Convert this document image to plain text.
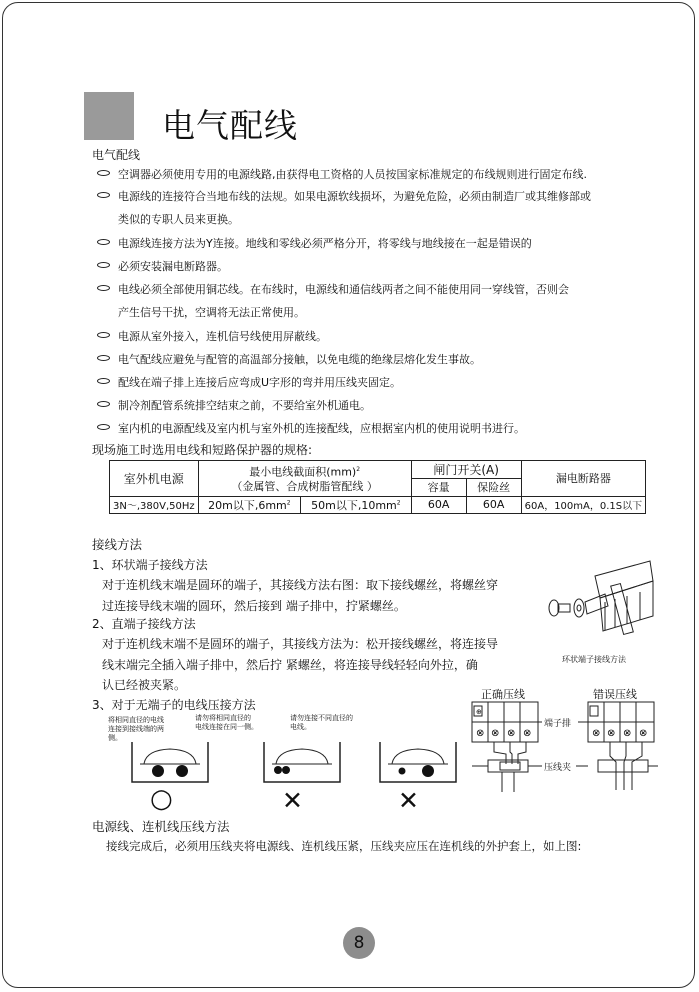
电气配线
电气配线
空调器必须使用专用的电源线路,由获得电工资格的人员按国家标准规定的布线规则进行固定布线.
电源线的连接符合当地布线的法规。如果电源软线损坏，为避免危险，必须由制造厂或其维修部或
类似的专职人员来更换。
电源线连接方法为Y连接。地线和零线必须严格分开，将零线与地线接在一起是错误的
必须安装漏电断路器。
电线必须全部使用铜芯线。在布线时，电源线和通信线两者之间不能使用同一穿线管，否则会
产生信号干扰，空调将无法正常使用。
电源从室外接入，连机信号线使用屏蔽线。
电气配线应避免与配管的高温部分接触，以免电缆的绝缘层熔化发生事故。
配线在端子排上连接后应弯成U字形的弯并用压线夹固定。
制冷剂配管系统排空结束之前，不要给室外机通电。
室内机的电源配线及室内机与室外机的连接配线，应根据室内机的使用说明书进行。
现场施工时选用电线和短路保护器的规格:
室外机电源	最小电线截面积(mm)$^2$
（金属管、合成树脂管配线 ）		闸门开关(A)		漏电断路器
			容量	保险丝	
3N～,380V,50Hz	20m以下$,6mm^2$	50m以下$,10mm^2$	60A	60A	60A，100mA，0.1S以下
接线方法
1、环状端子接线方法
对于连机线末端是圆环的端子，其接线方法右图：取下接线螺丝，将螺丝穿
过连接导线末端的圆环，然后接到 端子排中，拧紧螺丝。
2、直端子接线方法
对于连机线末端不是圆环的端子，其接线方法为：松开接线螺丝，将连接导
线末端完全插入端子排中，然后拧 紧螺丝，将连接导线轻轻向外拉，确
认已经被夹紧。
环状端子接线方法
3、对于无端子的电线压接方法
将相同直径的电线
连接到接线端的两
侧。
请勿将相同直径的
电线连接在同一侧。
请勿连接不同直径的
电线。
○	✕	✕
正确压线	错误压线
⊕
⊗ ⊗ ⊗ ⊗	⊗ ⊗ ⊗ ⊗
端子排
压线夹
电源线、连机线压线方法
接线完成后，必须用压线夹将电源线、连机线压紧，压线夹应压在连机线的外护套上，如上图:
8
